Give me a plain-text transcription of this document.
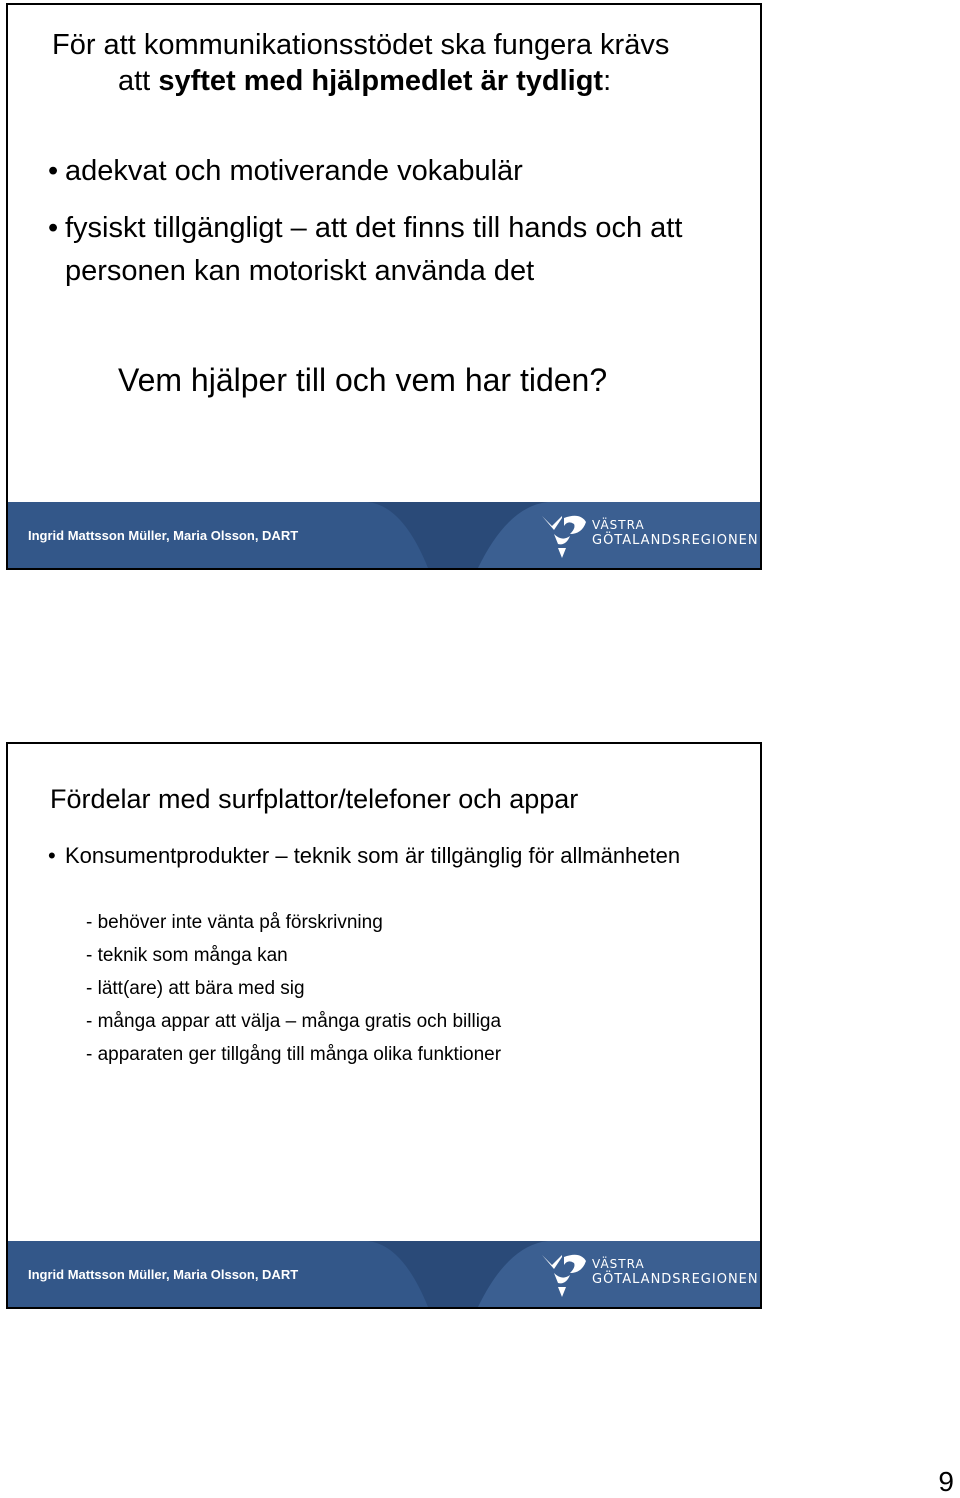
För att kommunikationsstödet ska fungera krävs
att syftet med hjälpmedlet är tydligt:
• adekvat och motiverande vokabulär
• fysiskt tillgängligt – att det finns till hands och att personen kan motoriskt använda det
Vem hjälper till och vem har tiden?
Ingrid Mattsson Müller, Maria Olsson, DART
VÄSTRA
GÖTALANDSREGIONEN
Fördelar med surfplattor/telefoner och appar
• Konsumentprodukter – teknik som är tillgänglig för allmänheten
- behöver inte vänta på förskrivning
- teknik som många kan
- lätt(are) att bära med sig
- många appar att välja – många gratis och billiga
- apparaten ger tillgång till många olika funktioner
Ingrid Mattsson Müller, Maria Olsson, DART
VÄSTRA
GÖTALANDSREGIONEN
9
